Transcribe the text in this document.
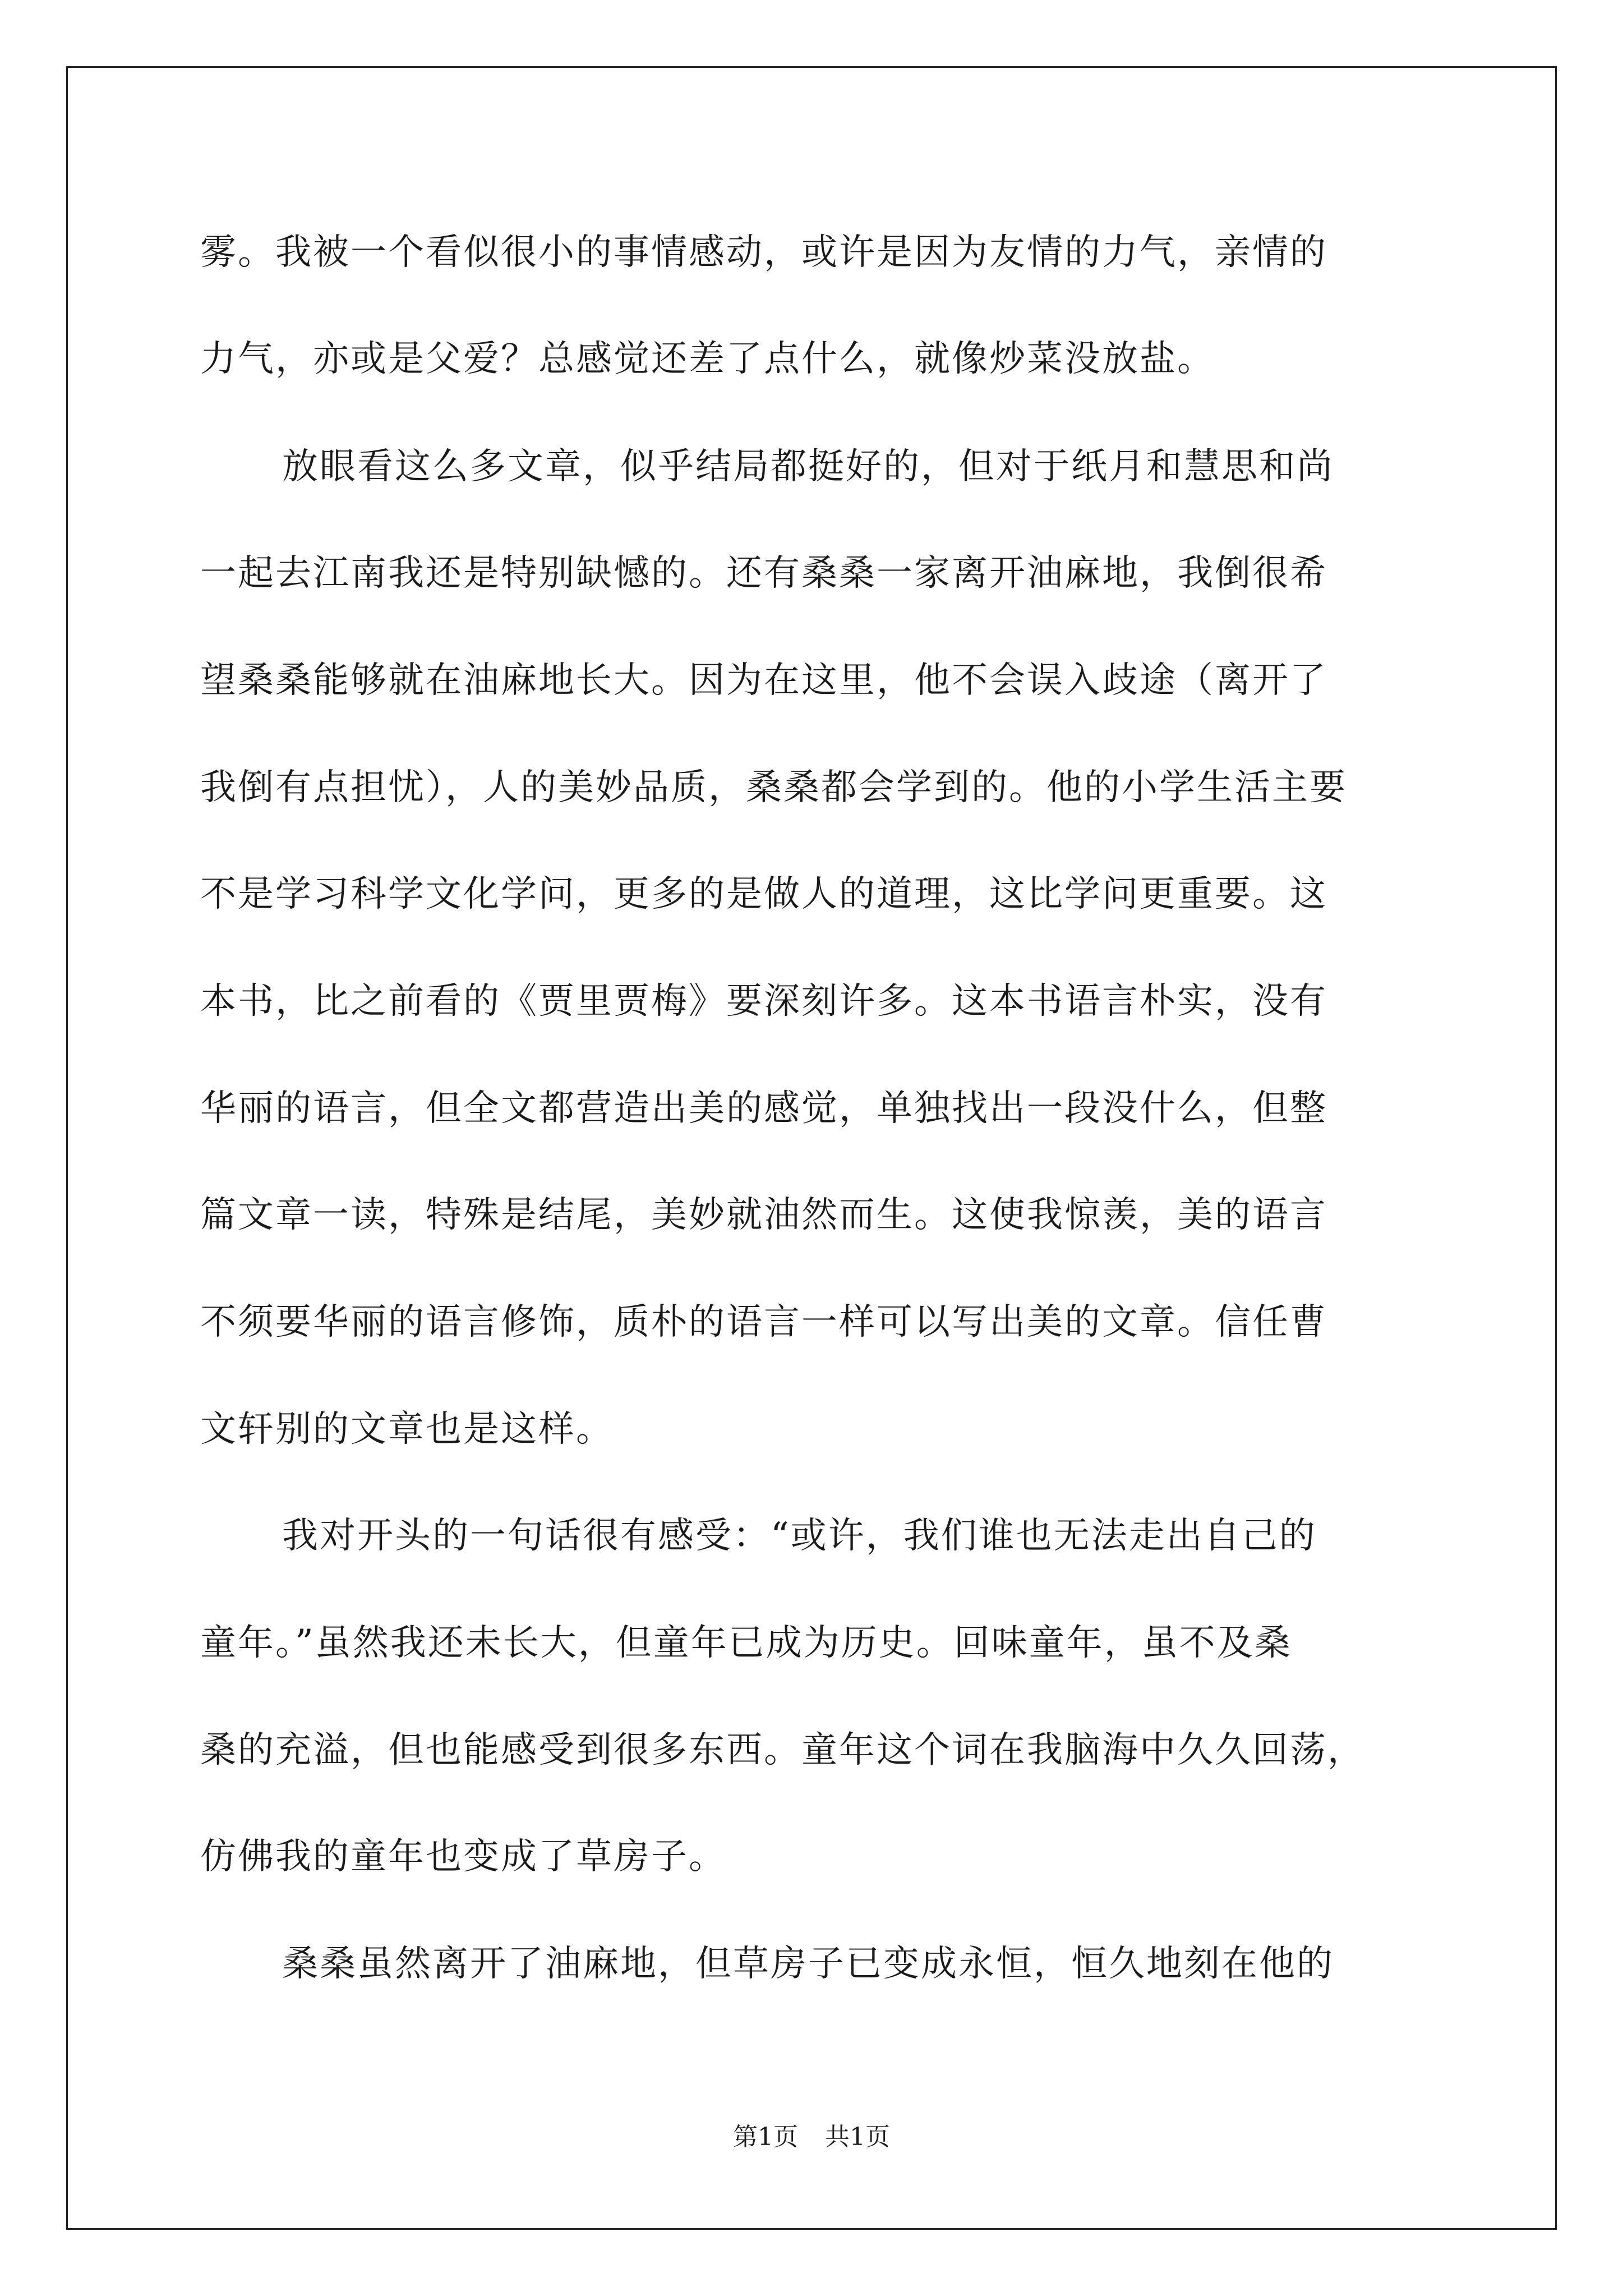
雾。我被一个看似很小的事情感动，或许是因为友情的力气，亲情的
力气，亦或是父爱？总感觉还差了点什么，就像炒菜没放盐。
放眼看这么多文章，似乎结局都挺好的，但对于纸月和慧思和尚
一起去江南我还是特别缺憾的。还有桑桑一家离开油麻地，我倒很希
望桑桑能够就在油麻地长大。因为在这里，他不会误入歧途（离开了
我倒有点担忧），人的美妙品质，桑桑都会学到的。他的小学生活主要
不是学习科学文化学问，更多的是做人的道理，这比学问更重要。这
本书，比之前看的《贾里贾梅》要深刻许多。这本书语言朴实，没有
华丽的语言，但全文都营造出美的感觉，单独找出一段没什么，但整
篇文章一读，特殊是结尾，美妙就油然而生。这使我惊羡，美的语言
不须要华丽的语言修饰，质朴的语言一样可以写出美的文章。信任曹
文轩别的文章也是这样。
我对开头的一句话很有感受：“或许，我们谁也无法走出自己的
童年。”虽然我还未长大，但童年已成为历史。回味童年，虽不及桑
桑的充溢，但也能感受到很多东西。童年这个词在我脑海中久久回荡，
仿佛我的童年也变成了草房子。
桑桑虽然离开了油麻地，但草房子已变成永恒，恒久地刻在他的
第1页 共1页
